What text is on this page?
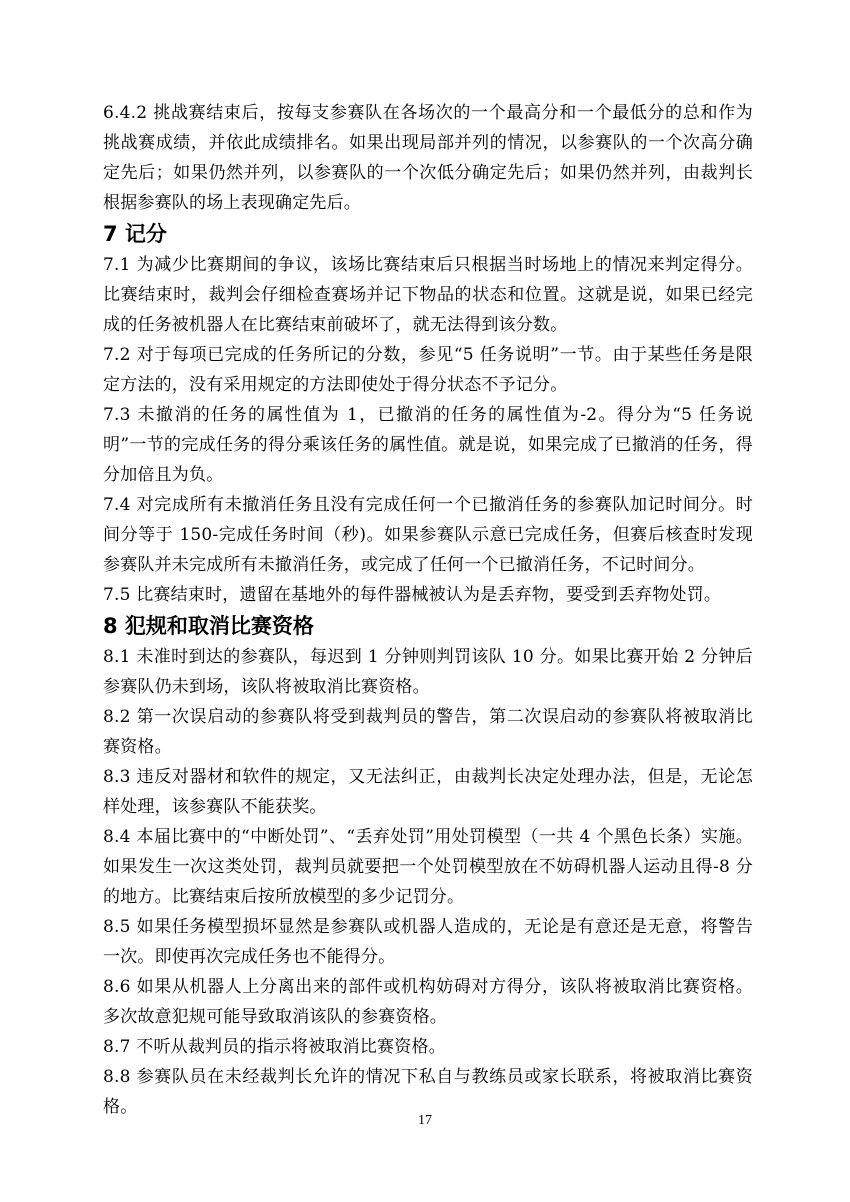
6.4.2 挑战赛结束后，按每支参赛队在各场次的一个最高分和一个最低分的总和作为挑战赛成绩，并依此成绩排名。如果出现局部并列的情况，以参赛队的一个次高分确定先后；如果仍然并列，以参赛队的一个次低分确定先后；如果仍然并列，由裁判长根据参赛队的场上表现确定先后。

7 记分

7.1 为减少比赛期间的争议，该场比赛结束后只根据当时场地上的情况来判定得分。比赛结束时，裁判会仔细检查赛场并记下物品的状态和位置。这就是说，如果已经完成的任务被机器人在比赛结束前破坏了，就无法得到该分数。

7.2 对于每项已完成的任务所记的分数，参见“5 任务说明”一节。由于某些任务是限定方法的，没有采用规定的方法即使处于得分状态不予记分。

7.3 未撤消的任务的属性值为 1，已撤消的任务的属性值为-2。得分为“5 任务说明”一节的完成任务的得分乘该任务的属性值。就是说，如果完成了已撤消的任务，得分加倍且为负。

7.4 对完成所有未撤消任务且没有完成任何一个已撤消任务的参赛队加记时间分。时间分等于 150-完成任务时间（秒)。如果参赛队示意已完成任务，但赛后核查时发现参赛队并未完成所有未撤消任务，或完成了任何一个已撤消任务，不记时间分。

7.5 比赛结束时，遗留在基地外的每件器械被认为是丢弃物，要受到丢弃物处罚。

8 犯规和取消比赛资格

8.1 未准时到达的参赛队，每迟到 1 分钟则判罚该队 10 分。如果比赛开始 2 分钟后参赛队仍未到场，该队将被取消比赛资格。

8.2 第一次误启动的参赛队将受到裁判员的警告，第二次误启动的参赛队将被取消比赛资格。

8.3 违反对器材和软件的规定，又无法纠正，由裁判长决定处理办法，但是，无论怎样处理，该参赛队不能获奖。

8.4 本届比赛中的“中断处罚”、“丢弃处罚”用处罚模型（一共 4 个黑色长条）实施。如果发生一次这类处罚，裁判员就要把一个处罚模型放在不妨碍机器人运动且得-8 分的地方。比赛结束后按所放模型的多少记罚分。

8.5 如果任务模型损坏显然是参赛队或机器人造成的，无论是有意还是无意，将警告一次。即使再次完成任务也不能得分。

8.6 如果从机器人上分离出来的部件或机构妨碍对方得分，该队将被取消比赛资格。多次故意犯规可能导致取消该队的参赛资格。

8.7 不听从裁判员的指示将被取消比赛资格。

8.8 参赛队员在未经裁判长允许的情况下私自与教练员或家长联系，将被取消比赛资格。

17
